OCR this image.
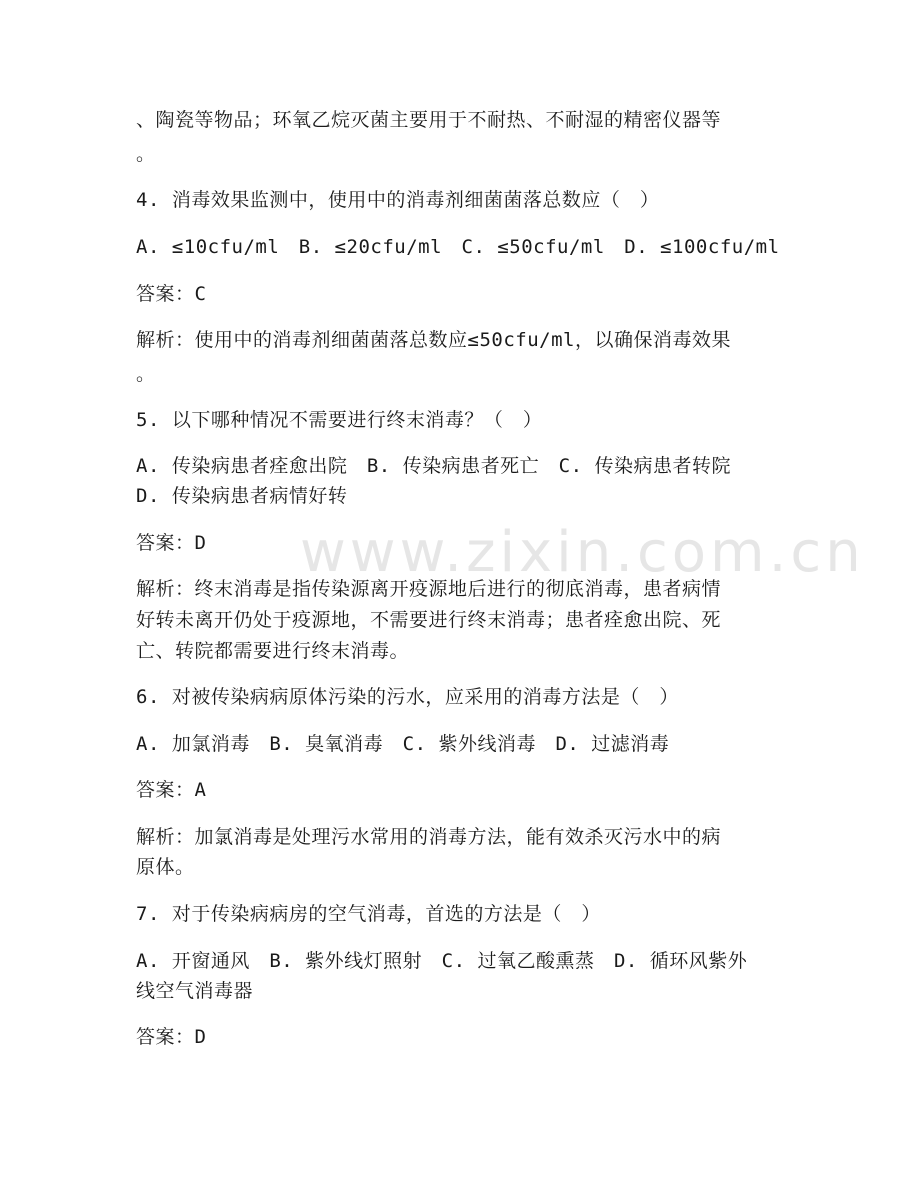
www.zixin.com.cn
、陶瓷等物品；环氧乙烷灭菌主要用于不耐热、不耐湿的精密仪器等
。
4. 消毒效果监测中，使用中的消毒剂细菌菌落总数应（　）
A. ≤10cfu/ml　B. ≤20cfu/ml　C. ≤50cfu/ml　D. ≤100cfu/ml
答案：C
解析：使用中的消毒剂细菌菌落总数应≤50cfu/ml，以确保消毒效果
。
5. 以下哪种情况不需要进行终末消毒？（　）
A. 传染病患者痊愈出院　B. 传染病患者死亡　C. 传染病患者转院
D. 传染病患者病情好转
答案：D
解析：终末消毒是指传染源离开疫源地后进行的彻底消毒，患者病情
好转未离开仍处于疫源地，不需要进行终末消毒；患者痊愈出院、死
亡、转院都需要进行终末消毒。
6. 对被传染病病原体污染的污水，应采用的消毒方法是（　）
A. 加氯消毒　B. 臭氧消毒　C. 紫外线消毒　D. 过滤消毒
答案：A
解析：加氯消毒是处理污水常用的消毒方法，能有效杀灭污水中的病
原体。
7. 对于传染病病房的空气消毒，首选的方法是（　）
A. 开窗通风　B. 紫外线灯照射　C. 过氧乙酸熏蒸　D. 循环风紫外
线空气消毒器
答案：D
